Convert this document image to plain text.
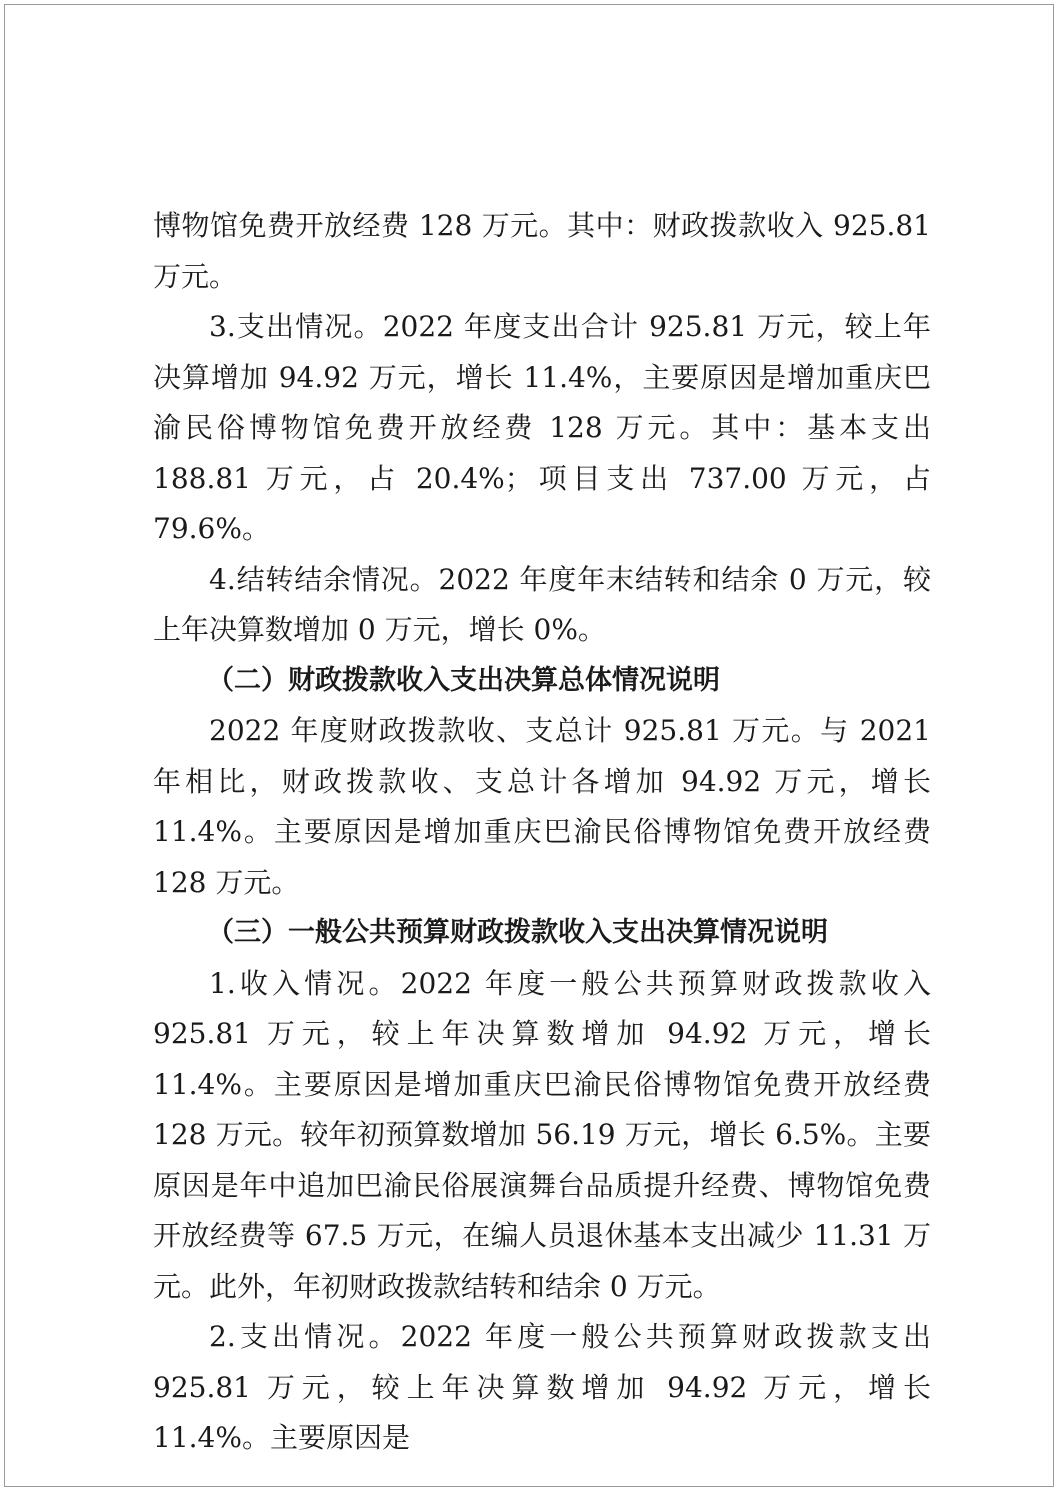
博物馆免费开放经费 128 万元。其中：财政拨款收入 925.81 万元。

3.支出情况。2022 年度支出合计 925.81 万元，较上年决算增加 94.92 万元，增长 11.4%，主要原因是增加重庆巴渝民俗博物馆免费开放经费 128 万元。其中：基本支出 188.81 万元，占 20.4%；项目支出 737.00 万元，占 79.6%。

4.结转结余情况。2022 年度年末结转和结余 0 万元，较上年决算数增加 0 万元，增长 0%。

（二）财政拨款收入支出决算总体情况说明

2022 年度财政拨款收、支总计 925.81 万元。与 2021 年相比，财政拨款收、支总计各增加 94.92 万元，增长 11.4%。主要原因是增加重庆巴渝民俗博物馆免费开放经费 128 万元。

（三）一般公共预算财政拨款收入支出决算情况说明

1.收入情况。2022 年度一般公共预算财政拨款收入 925.81 万元，较上年决算数增加 94.92 万元，增长 11.4%。主要原因是增加重庆巴渝民俗博物馆免费开放经费 128 万元。较年初预算数增加 56.19 万元，增长 6.5%。主要原因是年中追加巴渝民俗展演舞台品质提升经费、博物馆免费开放经费等 67.5 万元，在编人员退休基本支出减少 11.31 万元。此外，年初财政拨款结转和结余 0 万元。

2.支出情况。2022 年度一般公共预算财政拨款支出 925.81 万元，较上年决算数增加 94.92 万元，增长 11.4%。主要原因是
